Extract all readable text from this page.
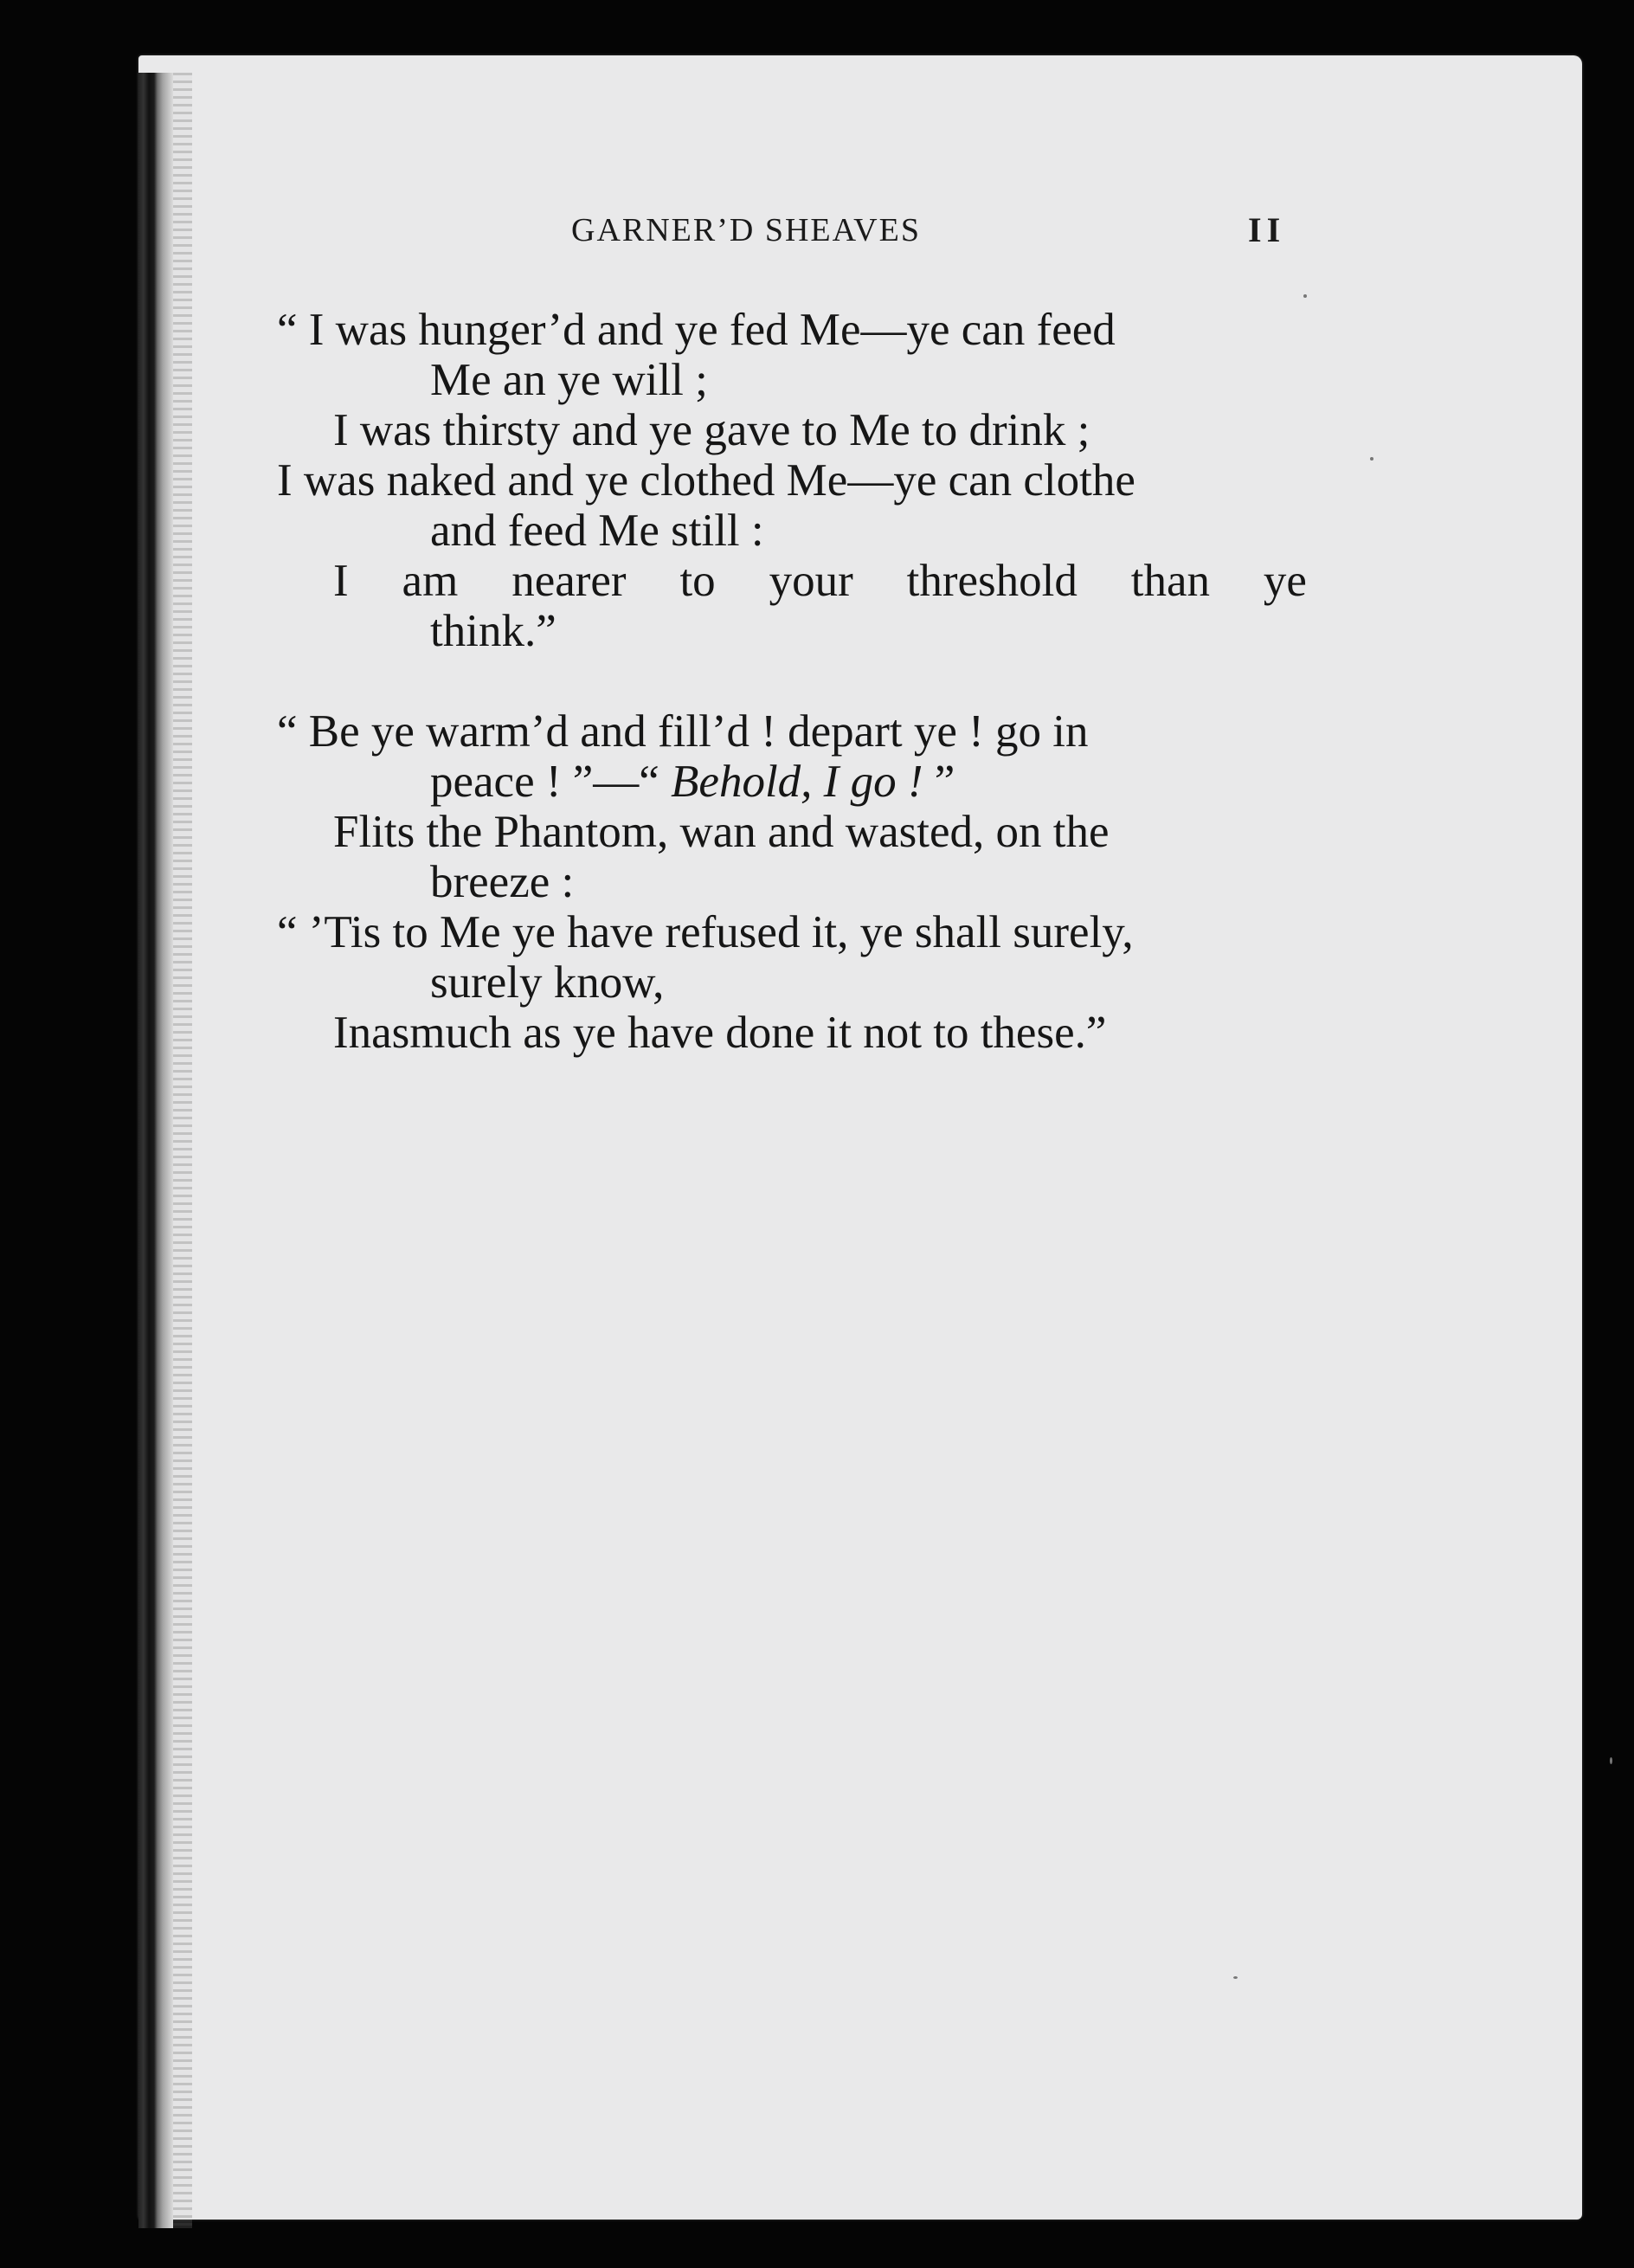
GARNER’D SHEAVES	II
“ I was hunger’d and ye fed Me—ye can feed
Me an ye will ;
I was thirsty and ye gave to Me to drink ;
I was naked and ye clothed Me—ye can clothe
and feed Me still :
I am nearer to your threshold than ye
think.”
“ Be ye warm’d and fill’d ! depart ye ! go in
peace ! ”—“ Behold, I go ! ”
Flits the Phantom, wan and wasted, on the
breeze :
“ ’Tis to Me ye have refused it, ye shall surely,
surely know,
Inasmuch as ye have done it not to these.”
